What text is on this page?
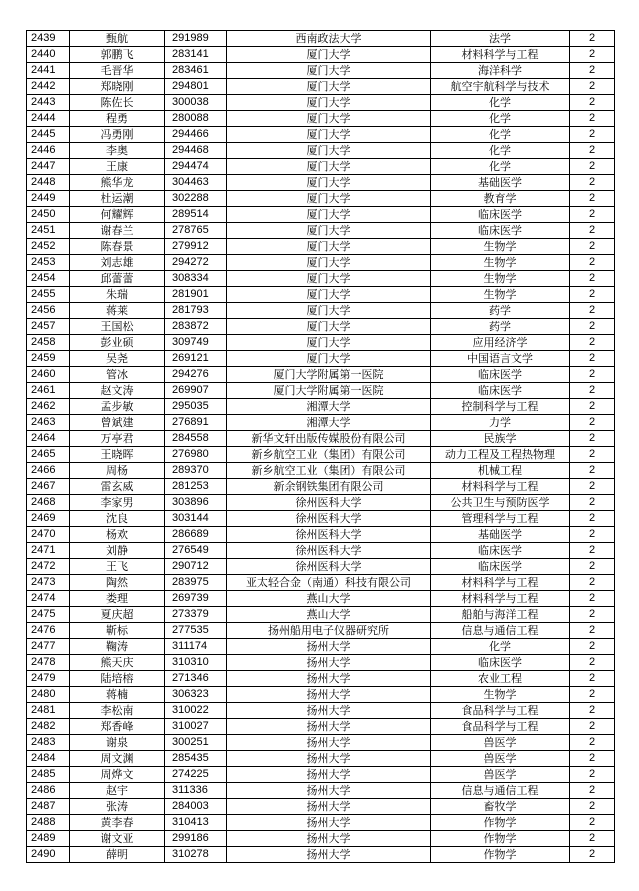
2439	甄航	291989	西南政法大学	法学	2
2440	郭鹏飞	283141	厦门大学	材料科学与工程	2
2441	毛晋华	283461	厦门大学	海洋科学	2
2442	郑晓刚	294801	厦门大学	航空宇航科学与技术	2
2443	陈佐长	300038	厦门大学	化学	2
2444	程勇	280088	厦门大学	化学	2
2445	冯勇刚	294466	厦门大学	化学	2
2446	李奥	294468	厦门大学	化学	2
2447	王康	294474	厦门大学	化学	2
2448	熊华龙	304463	厦门大学	基础医学	2
2449	杜运潮	302288	厦门大学	教育学	2
2450	何耀辉	289514	厦门大学	临床医学	2
2451	谢春兰	278765	厦门大学	临床医学	2
2452	陈春景	279912	厦门大学	生物学	2
2453	刘志雄	294272	厦门大学	生物学	2
2454	邱蕾蕾	308334	厦门大学	生物学	2
2455	朱瑞	281901	厦门大学	生物学	2
2456	蒋莱	281793	厦门大学	药学	2
2457	王国松	283872	厦门大学	药学	2
2458	彭业硕	309749	厦门大学	应用经济学	2
2459	吴尧	269121	厦门大学	中国语言文学	2
2460	管冰	294276	厦门大学附属第一医院	临床医学	2
2461	赵文涛	269907	厦门大学附属第一医院	临床医学	2
2462	孟步敏	295035	湘潭大学	控制科学与工程	2
2463	曾斌建	276891	湘潭大学	力学	2
2464	万亭君	284558	新华文轩出版传媒股份有限公司	民族学	2
2465	王晓晖	276980	新乡航空工业（集团）有限公司	动力工程及工程热物理	2
2466	周杨	289370	新乡航空工业（集团）有限公司	机械工程	2
2467	雷玄威	281253	新余钢铁集团有限公司	材料科学与工程	2
2468	李家男	303896	徐州医科大学	公共卫生与预防医学	2
2469	沈良	303144	徐州医科大学	管理科学与工程	2
2470	杨欢	286689	徐州医科大学	基础医学	2
2471	刘静	276549	徐州医科大学	临床医学	2
2472	王飞	290712	徐州医科大学	临床医学	2
2473	陶然	283975	亚太轻合金（南通）科技有限公司	材料科学与工程	2
2474	娄理	269739	燕山大学	材料科学与工程	2
2475	夏庆超	273379	燕山大学	船舶与海洋工程	2
2476	靳标	277535	扬州船用电子仪器研究所	信息与通信工程	2
2477	鞠涛	311174	扬州大学	化学	2
2478	熊天庆	310310	扬州大学	临床医学	2
2479	陆培榕	271346	扬州大学	农业工程	2
2480	蒋楠	306323	扬州大学	生物学	2
2481	李松南	310022	扬州大学	食品科学与工程	2
2482	郑香峰	310027	扬州大学	食品科学与工程	2
2483	谢泉	300251	扬州大学	兽医学	2
2484	周文渊	285435	扬州大学	兽医学	2
2485	周烨文	274225	扬州大学	兽医学	2
2486	赵宇	311336	扬州大学	信息与通信工程	2
2487	张涛	284003	扬州大学	畜牧学	2
2488	黄李春	310413	扬州大学	作物学	2
2489	谢文亚	299186	扬州大学	作物学	2
2490	薛明	310278	扬州大学	作物学	2
